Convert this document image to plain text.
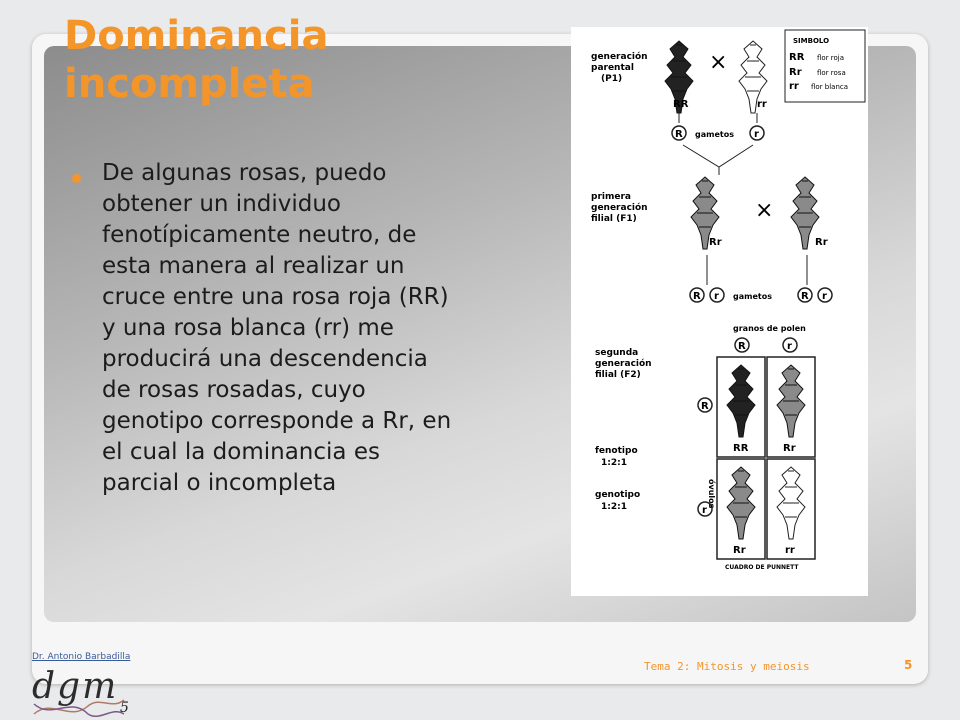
Dominancia
incompleta

De algunas rosas, puedo obtener un individuo fenotípicamente neutro, de esta manera al realizar un cruce entre una rosa roja (RR) y una rosa blanca (rr) me producirá una descendencia de rosas rosadas, cuyo genotipo corresponde a Rr, en el cual la dominancia es parcial o incompleta

generación
parental
(P1)
×
RR	rr
SIMBOLO
RR flor roja
Rr flor rosa
rr flor blanca
R gametos r
primera
generación
filial (F1)	×
Rr	Rr
R r gametos	R r
granos de polen
R	r
segunda
generación
filial (F2)
RR	Rr
Rr	rr
R
r
óvulos
fenotipo
1:2:1
genotipo
1:2:1
CUADRO DE PUNNETT
Dr. Antonio Barbadilla
Tema 2: Mitosis y meiosis	5
dgm
5
